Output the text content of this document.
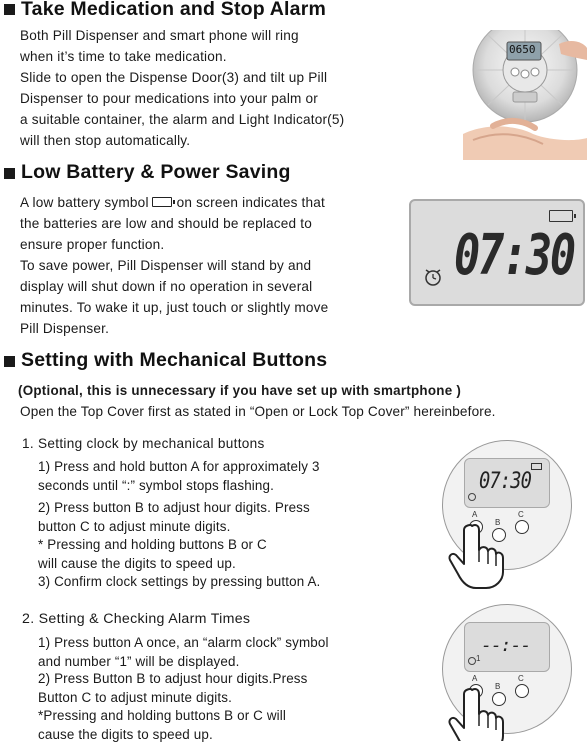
Take Medication and Stop Alarm
Both Pill Dispenser and smart phone will ring
when it’s time to take medication.
Slide to open the Dispense Door(3) and tilt up Pill
Dispenser to pour medications into your palm or
a suitable container, the alarm and Light Indicator(5)
will then stop automatically.
0650
Low Battery & Power Saving
A low battery symbol on screen indicates that
the batteries are low and should be replaced to
ensure proper function.
To save power, Pill Dispenser will stand by and
display will shut down if no operation in several
minutes. To wake it up, just touch or slightly move
Pill Dispenser.
07:30
Setting with Mechanical Buttons
(Optional, this is unnecessary if you have set up with smartphone )
Open the Top Cover first as stated in “Open or Lock Top Cover” hereinbefore.
1. Setting clock by mechanical buttons
1) Press and hold button A for approximately 3
seconds until “:” symbol stops flashing.
2) Press button B to adjust hour digits. Press
button C to adjust minute digits.
* Pressing and holding buttons B or C
will cause the digits to speed up.
3) Confirm clock settings by pressing button A.
07:30
A
B
C
2. Setting & Checking Alarm Times
1) Press button A once, an “alarm clock” symbol
and number “1” will be displayed.
2) Press Button B to adjust hour digits.Press
Button C to adjust minute digits.
*Pressing and holding buttons B or C will
cause the digits to speed up.
--:--
1
A
B
C
